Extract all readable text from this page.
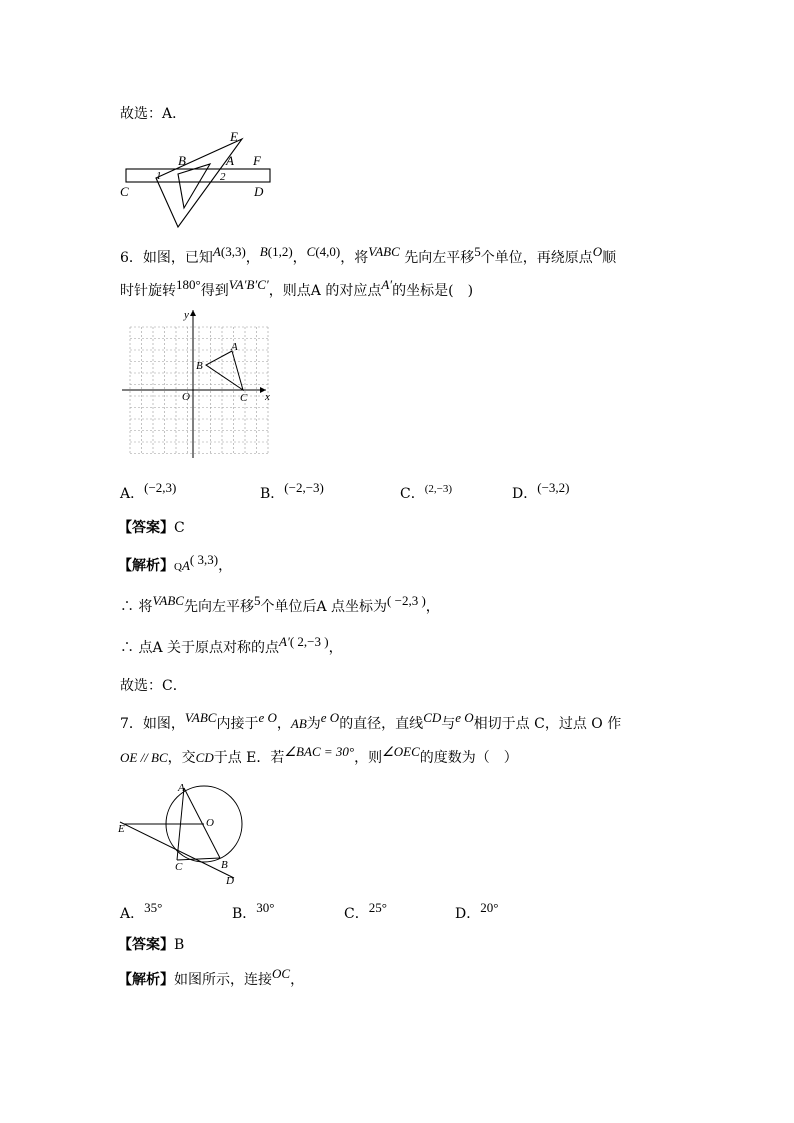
故选：A．
E
B	A F
1	2
C	D
6．如图，已知A(3,3)，B(1,2)，C(4,0)，将VABC 先向左平移5个单位，再绕原点O顺
时针旋转180°得到VA′B′C′，则点A 的对应点A′的坐标是(　)
y
x
O
A
B
C
A．(−2,3)	B．(−2,−3)	C．$^{(2,-3)}$	D．(−3,2)
【答案】C
【解析】QA( 3,3)，
∴ 将VABC先向左平移5个单位后A 点坐标为( −2,3 )，
∴ 点A 关于原点对称的点A′( 2,−3 )，
故选：C．
7．如图，VABC内接于e O，AB为e O的直径，直线CD与e O相切于点 C，过点 O 作
OE // BC，交CD于点 E．若∠BAC = 30°，则∠OEC的度数为（　）
A
E	O
C	B
D
A．35°	B．30°	C．25°	D．20°
【答案】B
【解析】如图所示，连接OC，
